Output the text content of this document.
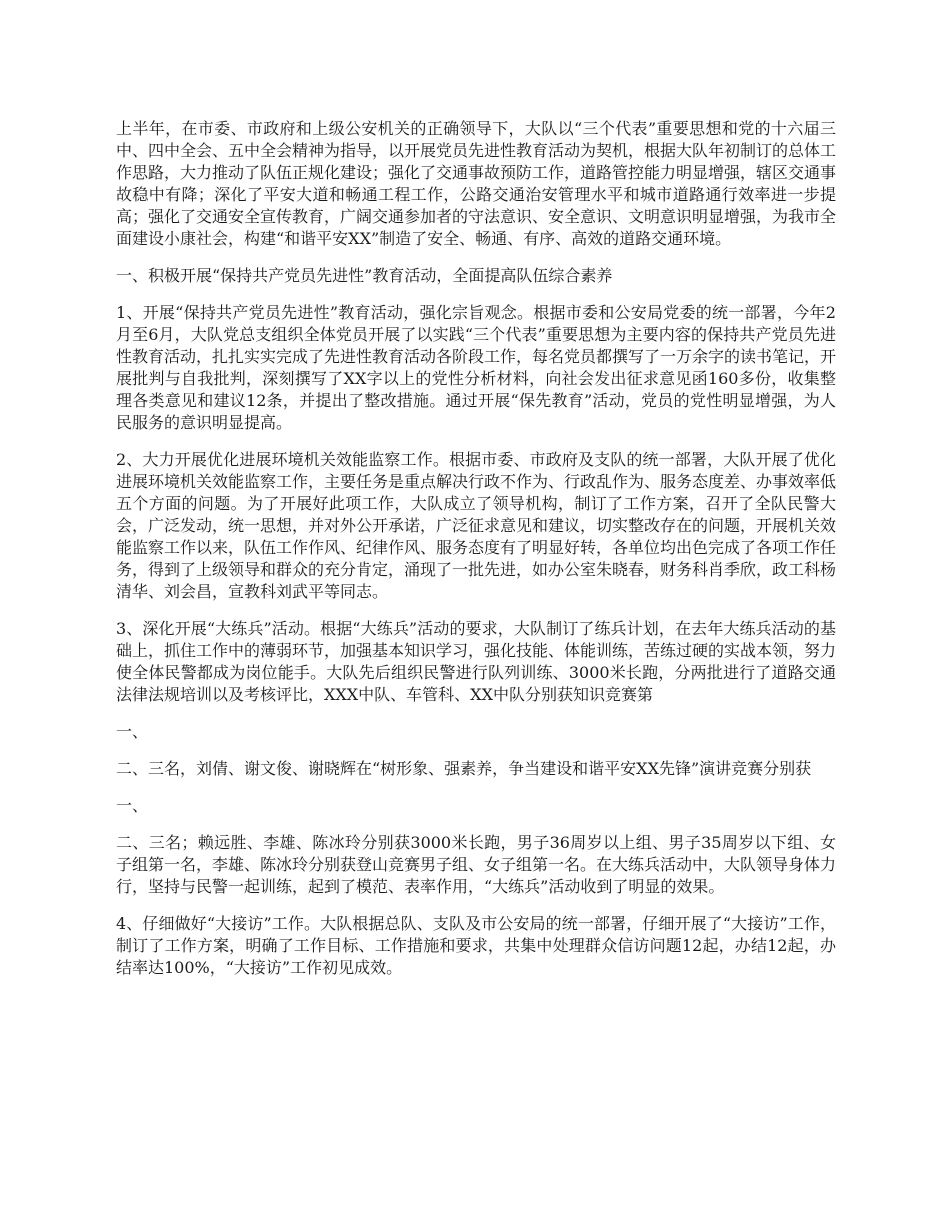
上半年，在市委、市政府和上级公安机关的正确领导下，大队以“三个代表”重要思想和党的十六届三中、四中全会、五中全会精神为指导，以开展党员先进性教育活动为契机，根据大队年初制订的总体工作思路，大力推动了队伍正规化建设；强化了交通事故预防工作，道路管控能力明显增强，辖区交通事故稳中有降；深化了平安大道和畅通工程工作，公路交通治安管理水平和城市道路通行效率进一步提高；强化了交通安全宣传教育，广阔交通参加者的守法意识、安全意识、文明意识明显增强，为我市全面建设小康社会，构建“和谐平安XX”制造了安全、畅通、有序、高效的道路交通环境。

一、积极开展“保持共产党员先进性”教育活动，全面提高队伍综合素养

1、开展“保持共产党员先进性”教育活动，强化宗旨观念。根据市委和公安局党委的统一部署，今年2月至6月，大队党总支组织全体党员开展了以实践“三个代表”重要思想为主要内容的保持共产党员先进性教育活动，扎扎实实完成了先进性教育活动各阶段工作，每名党员都撰写了一万余字的读书笔记，开展批判与自我批判，深刻撰写了XX字以上的党性分析材料，向社会发出征求意见函160多份，收集整理各类意见和建议12条，并提出了整改措施。通过开展“保先教育”活动，党员的党性明显增强，为人民服务的意识明显提高。

2、大力开展优化进展环境机关效能监察工作。根据市委、市政府及支队的统一部署，大队开展了优化进展环境机关效能监察工作，主要任务是重点解决行政不作为、行政乱作为、服务态度差、办事效率低五个方面的问题。为了开展好此项工作，大队成立了领导机构，制订了工作方案，召开了全队民警大会，广泛发动，统一思想，并对外公开承诺，广泛征求意见和建议，切实整改存在的问题，开展机关效能监察工作以来，队伍工作作风、纪律作风、服务态度有了明显好转，各单位均出色完成了各项工作任务，得到了上级领导和群众的充分肯定，涌现了一批先进，如办公室朱晓春，财务科肖季欣，政工科杨清华、刘会昌，宣教科刘武平等同志。

3、深化开展“大练兵”活动。根据“大练兵”活动的要求，大队制订了练兵计划，在去年大练兵活动的基础上，抓住工作中的薄弱环节，加强基本知识学习，强化技能、体能训练，苦练过硬的实战本领，努力使全体民警都成为岗位能手。大队先后组织民警进行队列训练、3000米长跑，分两批进行了道路交通法律法规培训以及考核评比，XXX中队、车管科、XX中队分别获知识竞赛第

一、

二、三名，刘倩、谢文俊、谢晓辉在“树形象、强素养，争当建设和谐平安XX先锋”演讲竞赛分别获

一、

二、三名；赖远胜、李雄、陈冰玲分别获3000米长跑，男子36周岁以上组、男子35周岁以下组、女子组第一名，李雄、陈冰玲分别获登山竞赛男子组、女子组第一名。在大练兵活动中，大队领导身体力行，坚持与民警一起训练，起到了模范、表率作用，“大练兵”活动收到了明显的效果。

4、仔细做好“大接访”工作。大队根据总队、支队及市公安局的统一部署，仔细开展了“大接访”工作，制订了工作方案，明确了工作目标、工作措施和要求，共集中处理群众信访问题12起，办结12起，办结率达100%，“大接访”工作初见成效。
